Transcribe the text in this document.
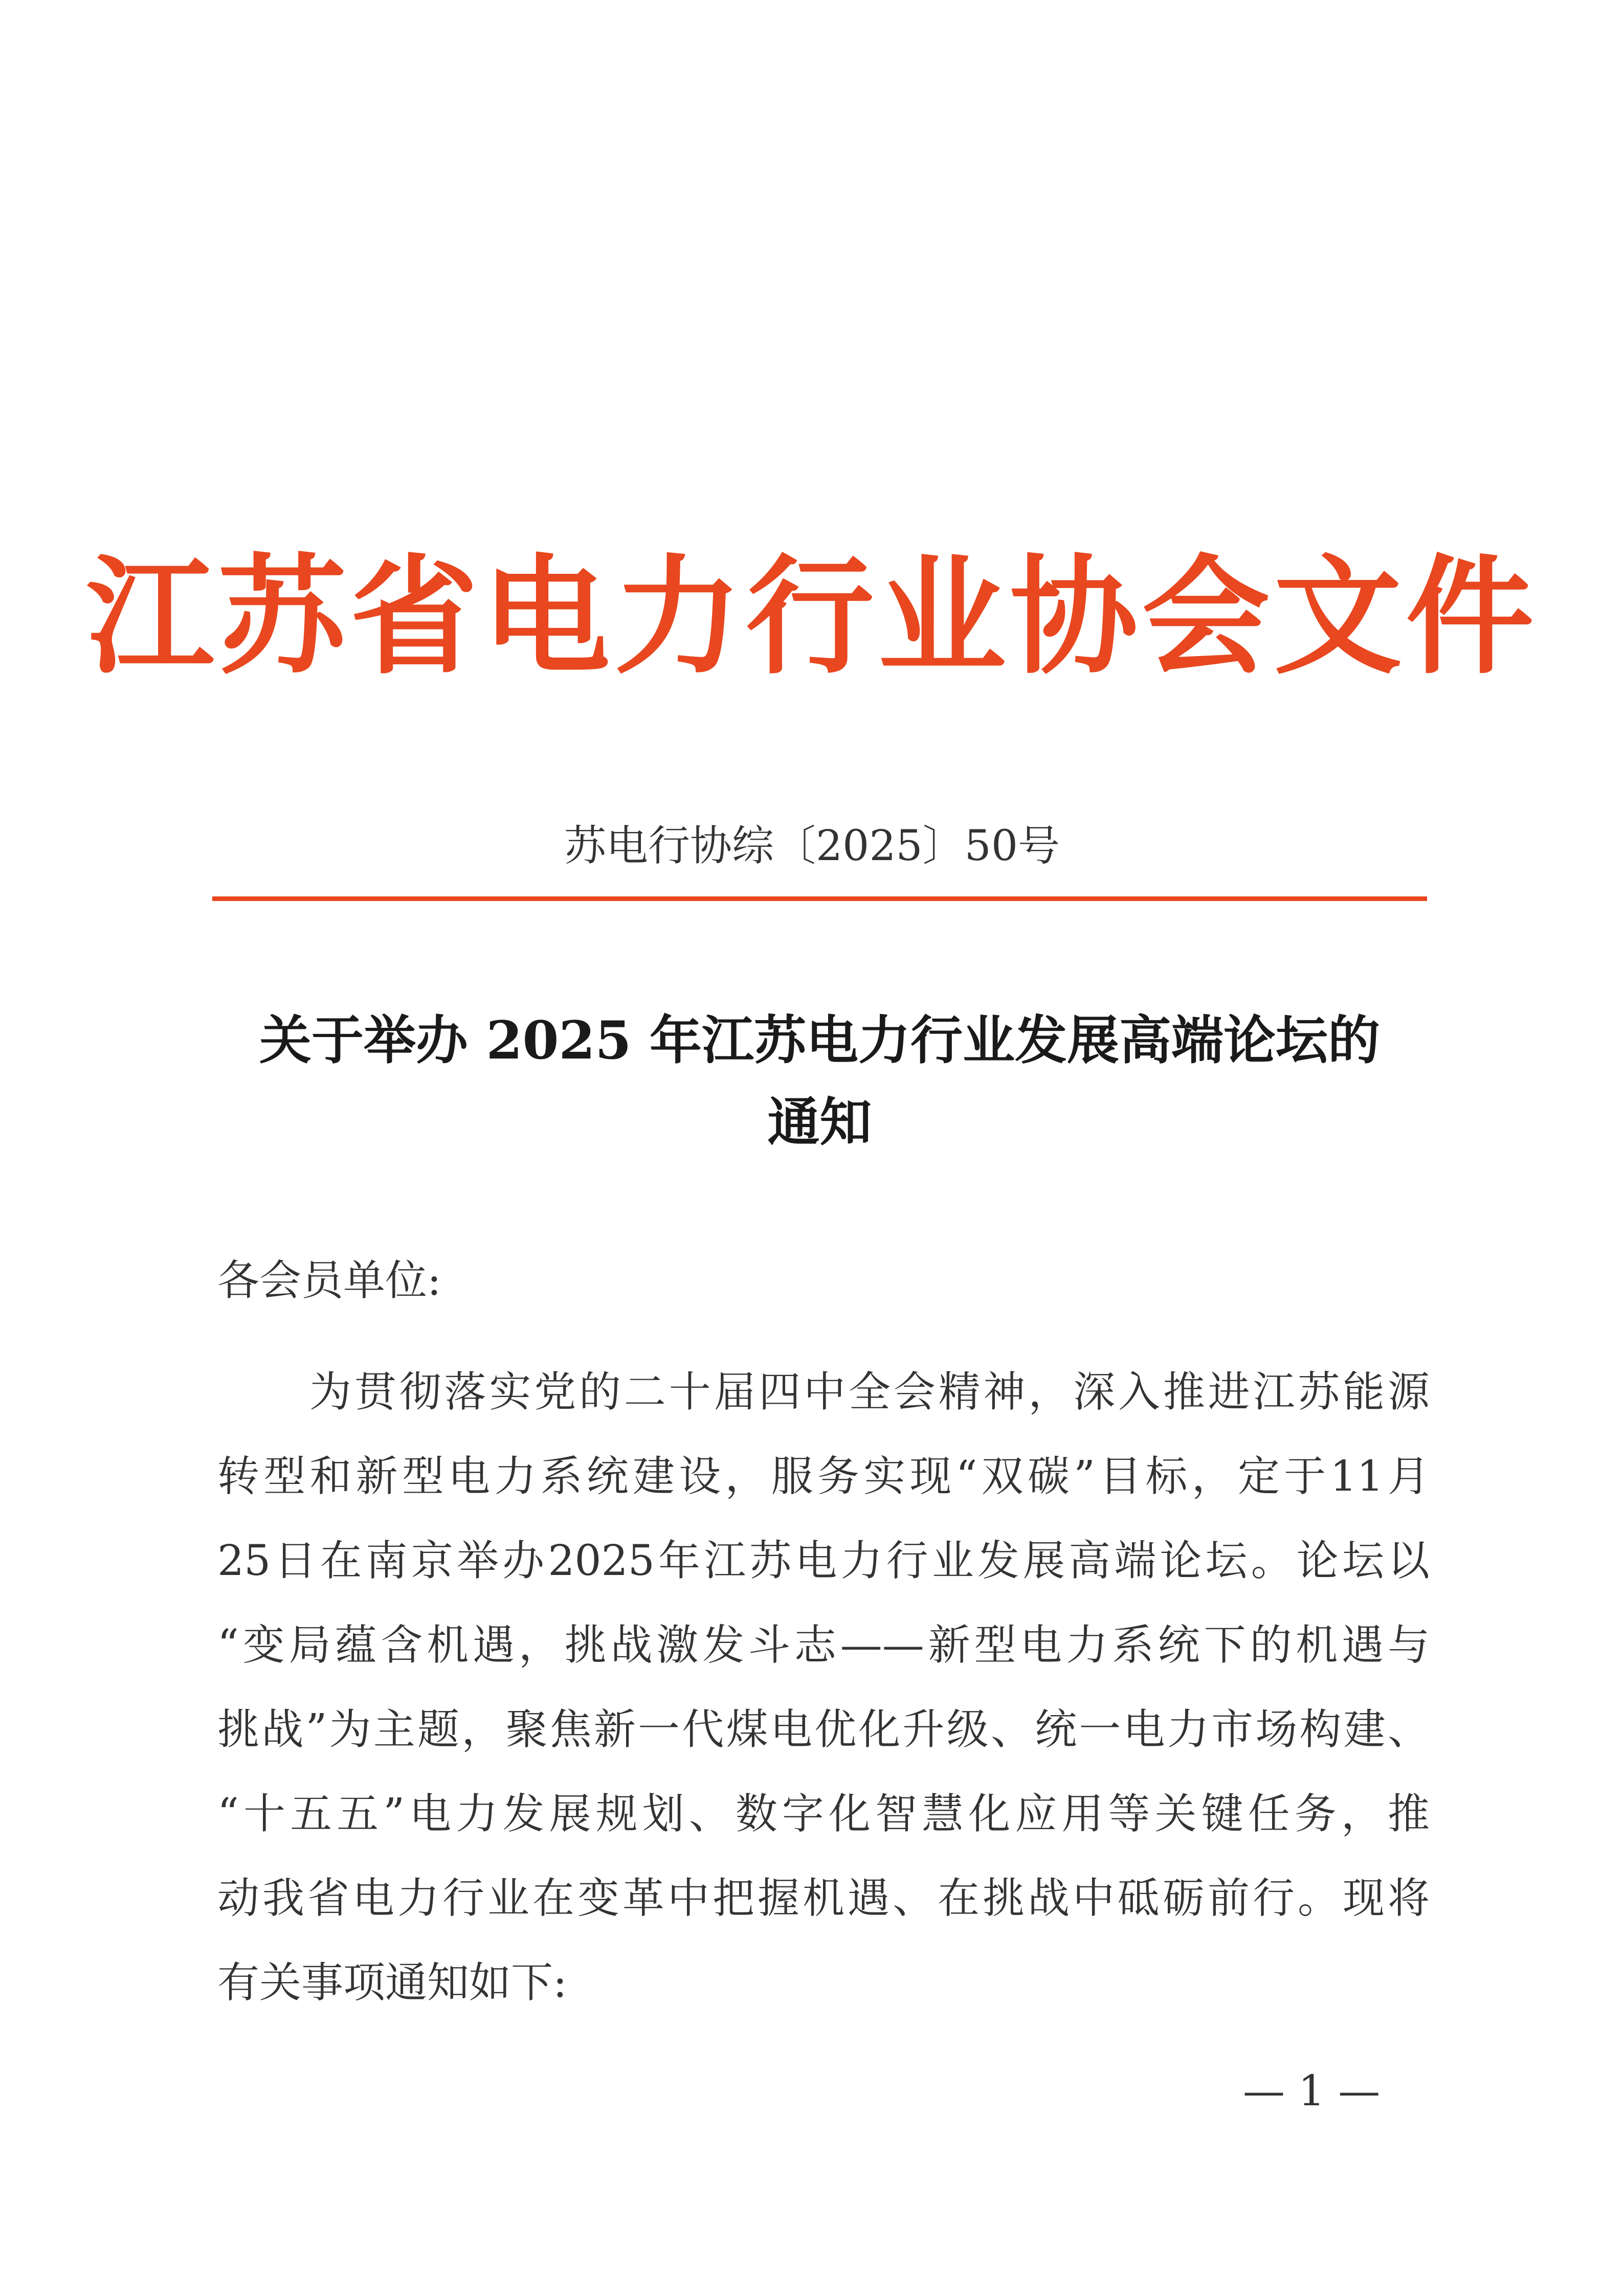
江苏省电力行业协会文件
苏电行协综〔2025〕50号
关于举办 2025 年江苏电力行业发展高端论坛的
通知
各会员单位:
为贯彻落实党的二十届四中全会精神，深入推进江苏能源
转型和新型电力系统建设，服务实现“双碳”目标，定于11月
25日在南京举办2025年江苏电力行业发展高端论坛。论坛以
“变局蕴含机遇，挑战激发斗志——新型电力系统下的机遇与
挑战”为主题，聚焦新一代煤电优化升级、统一电力市场构建、
“十五五”电力发展规划、数字化智慧化应用等关键任务，推
动我省电力行业在变革中把握机遇、在挑战中砥砺前行。现将
有关事项通知如下:
— 1 —
